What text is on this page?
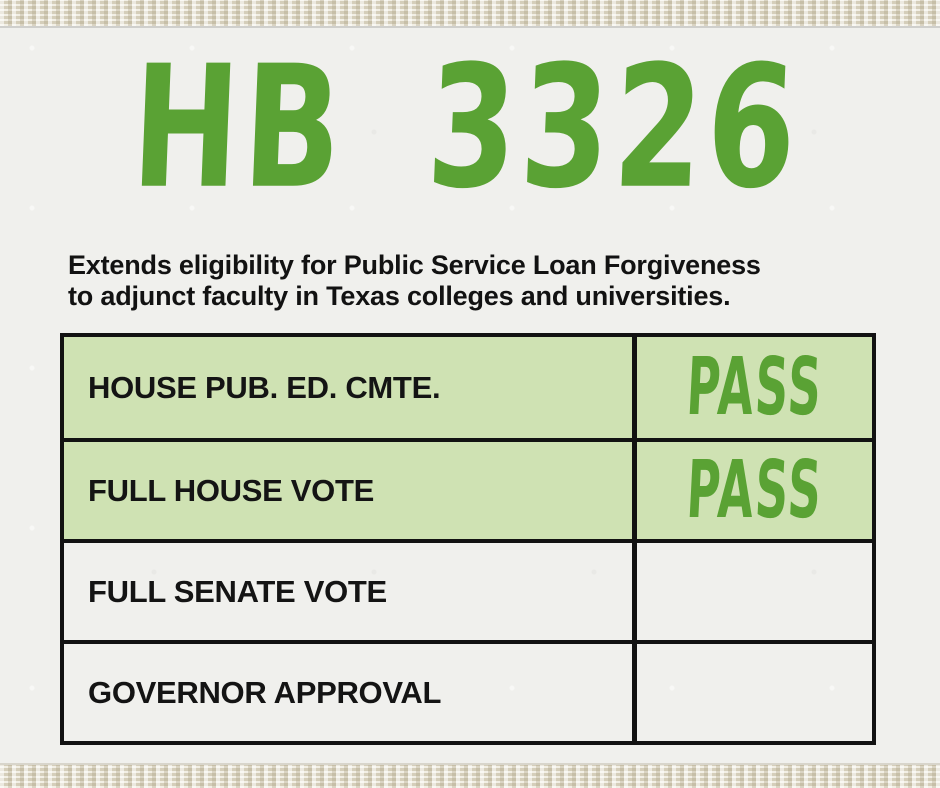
HB 3326
Extends eligibility for Public Service Loan Forgiveness
to adjunct faculty in Texas colleges and universities.
HOUSE PUB. ED. CMTE.	PASS
FULL HOUSE VOTE	PASS
FULL SENATE VOTE
GOVERNOR APPROVAL
